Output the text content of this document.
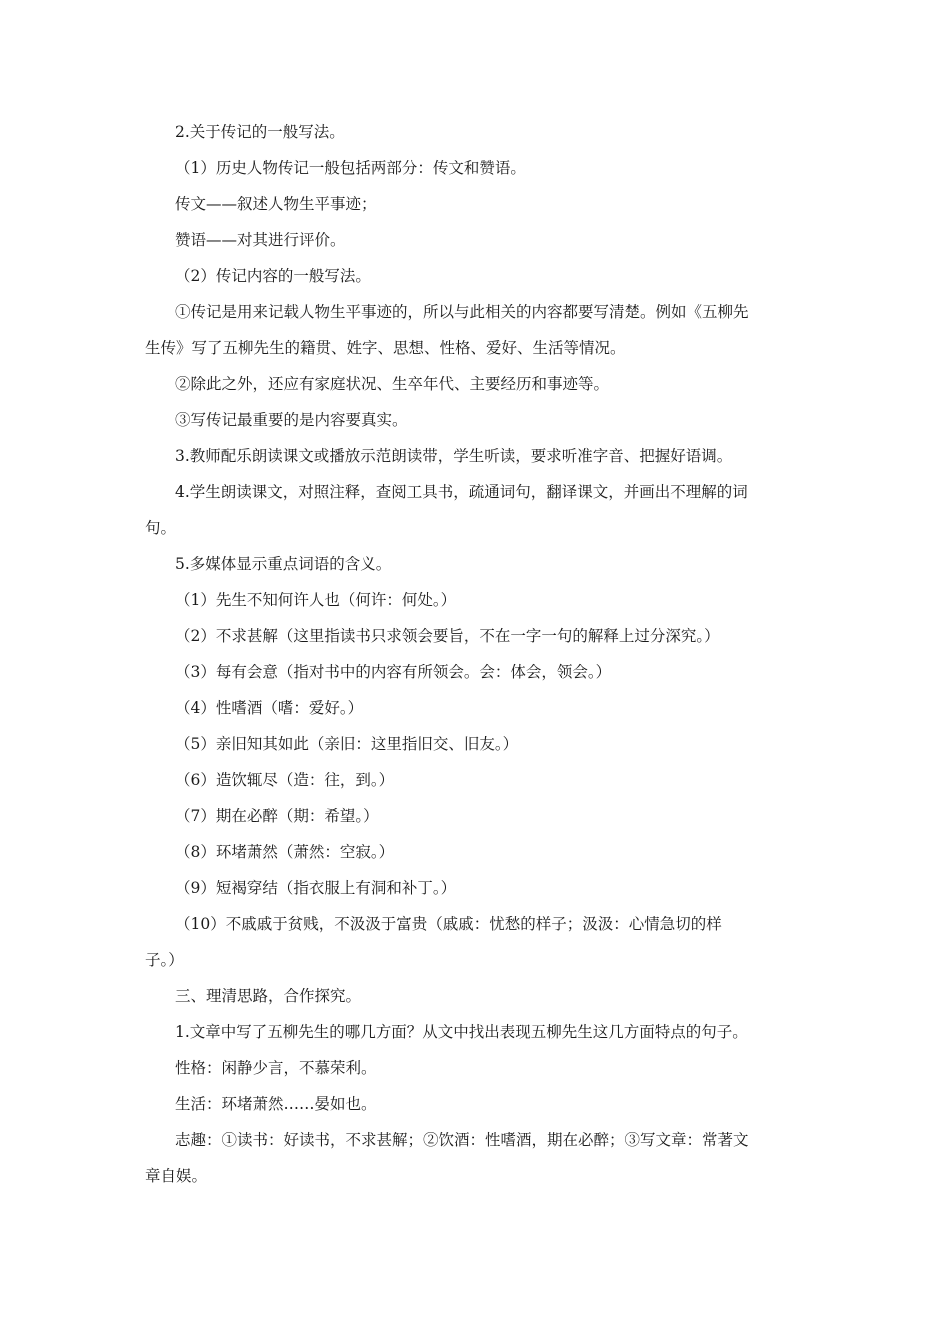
2.关于传记的一般写法。

（1）历史人物传记一般包括两部分：传文和赞语。

传文——叙述人物生平事迹；

赞语——对其进行评价。

（2）传记内容的一般写法。

①传记是用来记载人物生平事迹的，所以与此相关的内容都要写清楚。例如《五柳先

生传》写了五柳先生的籍贯、姓字、思想、性格、爱好、生活等情况。

②除此之外，还应有家庭状况、生卒年代、主要经历和事迹等。

③写传记最重要的是内容要真实。

3.教师配乐朗读课文或播放示范朗读带，学生听读，要求听准字音、把握好语调。

4.学生朗读课文，对照注释，查阅工具书，疏通词句，翻译课文，并画出不理解的词

句。

5.多媒体显示重点词语的含义。

（1）先生不知何许人也（何许：何处。）

（2）不求甚解（这里指读书只求领会要旨，不在一字一句的解释上过分深究。）

（3）每有会意（指对书中的内容有所领会。会：体会，领会。）

（4）性嗜酒（嗜：爱好。）

（5）亲旧知其如此（亲旧：这里指旧交、旧友。）

（6）造饮辄尽（造：往，到。）

（7）期在必醉（期：希望。）

（8）环堵萧然（萧然：空寂。）

（9）短褐穿结（指衣服上有洞和补丁。）

（10）不戚戚于贫贱，不汲汲于富贵（戚戚：忧愁的样子；汲汲：心情急切的样

子。）

三、理清思路，合作探究。

1.文章中写了五柳先生的哪几方面？从文中找出表现五柳先生这几方面特点的句子。

性格：闲静少言，不慕荣利。

生活：环堵萧然……晏如也。

志趣：①读书：好读书，不求甚解；②饮酒：性嗜酒，期在必醉；③写文章：常著文

章自娱。
